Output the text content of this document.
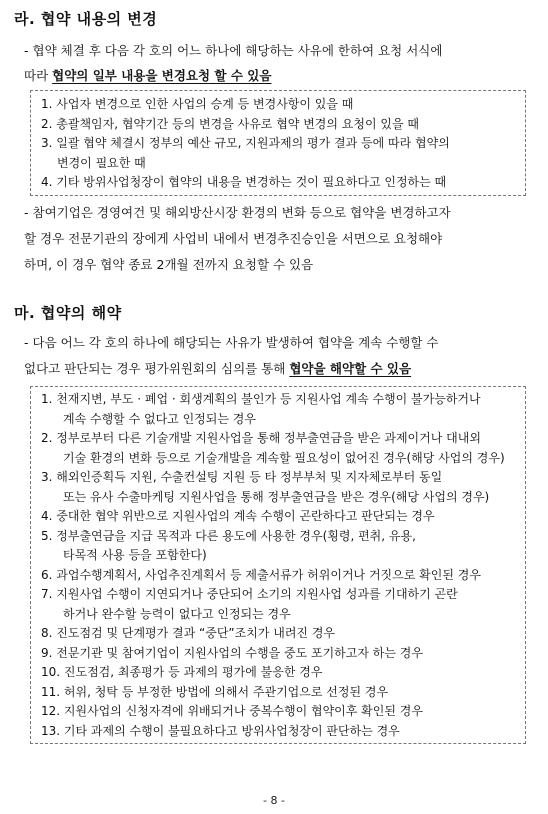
라. 협약 내용의 변경
- 협약 체결 후 다음 각 호의 어느 하나에 해당하는 사유에 한하여 요청 서식에
따라 협약의 일부 내용을 변경요청 할 수 있음
1. 사업자 변경으로 인한 사업의 승계 등 변경사항이 있을 때
2. 총괄책임자, 협약기간 등의 변경을 사유로 협약 변경의 요청이 있을 때
3. 일괄 협약 체결시 정부의 예산 규모, 지원과제의 평가 결과 등에 따라 협약의
변경이 필요한 때
4. 기타 방위사업청장이 협약의 내용을 변경하는 것이 필요하다고 인정하는 때
- 참여기업은 경영여건 및 해외방산시장 환경의 변화 등으로 협약을 변경하고자
할 경우 전문기관의 장에게 사업비 내에서 변경추진승인을 서면으로 요청해야
하며, 이 경우 협약 종료 2개월 전까지 요청할 수 있음
마. 협약의 해약
- 다음 어느 각 호의 하나에 해당되는 사유가 발생하여 협약을 계속 수행할 수
없다고 판단되는 경우 평가위원회의 심의를 통해 협약을 해약할 수 있음
1. 천재지변, 부도 · 폐업 · 회생계획의 불인가 등 지원사업 계속 수행이 불가능하거나
계속 수행할 수 없다고 인정되는 경우
2. 정부로부터 다른 기술개발 지원사업을 통해 정부출연금을 받은 과제이거나 대내외
기술 환경의 변화 등으로 기술개발을 계속할 필요성이 없어진 경우(해당 사업의 경우)
3. 해외인증획득 지원, 수출컨설팅 지원 등 타 정부부처 및 지자체로부터 동일
또는 유사 수출마케팅 지원사업을 통해 정부출연금을 받은 경우(해당 사업의 경우)
4. 중대한 협약 위반으로 지원사업의 계속 수행이 곤란하다고 판단되는 경우
5. 정부출연금을 지급 목적과 다른 용도에 사용한 경우(횡령, 편취, 유용,
타목적 사용 등을 포함한다)
6. 과업수행계획서, 사업추진계획서 등 제출서류가 허위이거나 거짓으로 확인된 경우
7. 지원사업 수행이 지연되거나 중단되어 소기의 지원사업 성과를 기대하기 곤란
하거나 완수할 능력이 없다고 인정되는 경우
8. 진도점검 및 단계평가 결과 “중단”조치가 내려진 경우
9. 전문기관 및 참여기업이 지원사업의 수행을 중도 포기하고자 하는 경우
10. 진도점검, 최종평가 등 과제의 평가에 불응한 경우
11. 허위, 청탁 등 부정한 방법에 의해서 주관기업으로 선정된 경우
12. 지원사업의 신청자격에 위배되거나 중복수행이 협약이후 확인된 경우
13. 기타 과제의 수행이 불필요하다고 방위사업청장이 판단하는 경우
- 8 -
